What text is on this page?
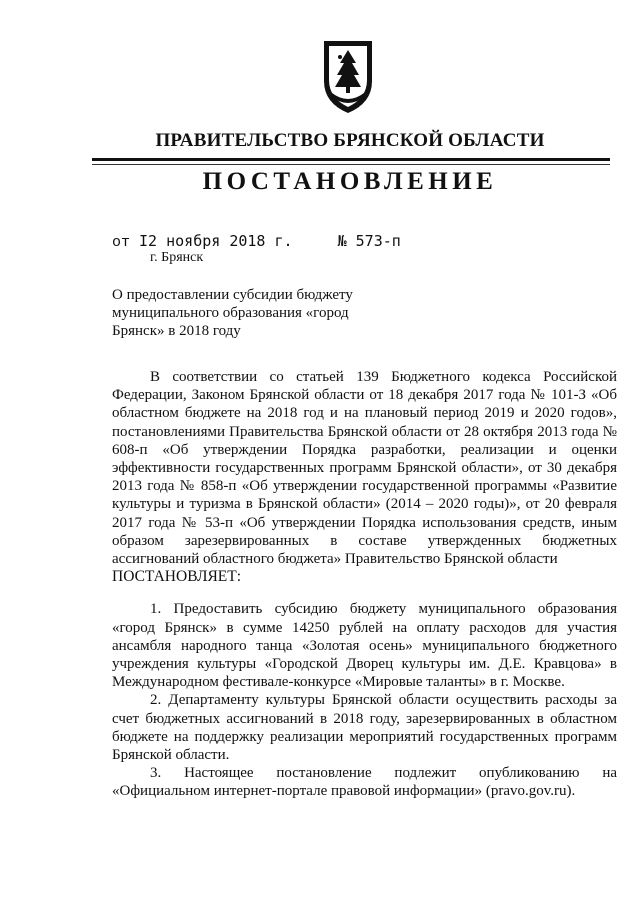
ПРАВИТЕЛЬСТВО БРЯНСКОЙ ОБЛАСТИ
ПОСТАНОВЛЕНИЕ
от I2 ноября 2018 г.	№ 573-п
г. Брянск
О предоставлении субсидии бюджету муниципального образования «город Брянск» в 2018 году

В соответствии со статьей 139 Бюджетного кодекса Российской Федерации, Законом Брянской области от 18 декабря 2017 года № 101-З «Об областном бюджете на 2018 год и на плановый период 2019 и 2020 годов», постановлениями Правительства Брянской области от 28 октября 2013 года № 608-п «Об утверждении Порядка разработки, реализации и оценки эффективности государственных программ Брянской области», от 30 декабря 2013 года № 858-п «Об утверждении государственной программы «Развитие культуры и туризма в Брянской области» (2014 – 2020 годы)», от 20 февраля 2017 года № 53-п «Об утверждении Порядка использования средств, иным образом зарезервированных в составе утвержденных бюджетных ассигнований областного бюджета» Правительство Брянской области

ПОСТАНОВЛЯЕТ:

1. Предоставить субсидию бюджету муниципального образования «город Брянск» в сумме 14250 рублей на оплату расходов для участия ансамбля народного танца «Золотая осень» муниципального бюджетного учреждения культуры «Городской Дворец культуры им. Д.Е. Кравцова» в Международном фестивале-конкурсе «Мировые таланты» в г. Москве.

2. Департаменту культуры Брянской области осуществить расходы за счет бюджетных ассигнований в 2018 году, зарезервированных в областном бюджете на поддержку реализации мероприятий государственных программ Брянской области.

3. Настоящее постановление подлежит опубликованию на «Официальном интернет-портале правовой информации» (pravo.gov.ru).
